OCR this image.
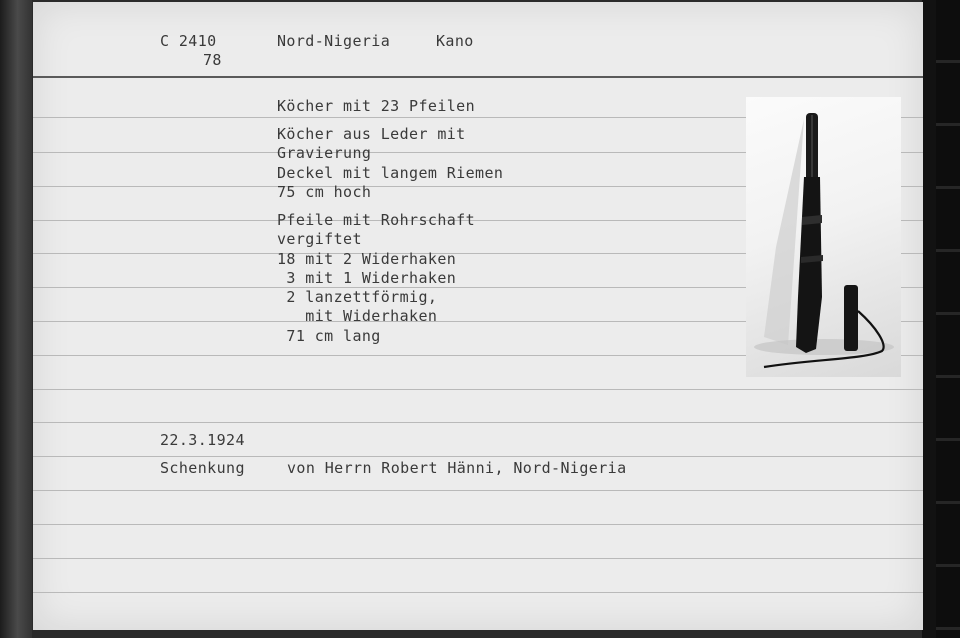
C 2410

78

Nord-Nigeria	Kano

Köcher mit 23 Pfeilen

Köcher aus Leder mit

Gravierung

Deckel mit langem Riemen

75 cm hoch

Pfeile mit Rohrschaft

vergiftet

18 mit 2 Widerhaken

3 mit 1 Widerhaken

2 lanzettförmig,

mit Widerhaken

71 cm lang

22.3.1924

Schenkung	von Herrn Robert Hänni, Nord-Nigeria
